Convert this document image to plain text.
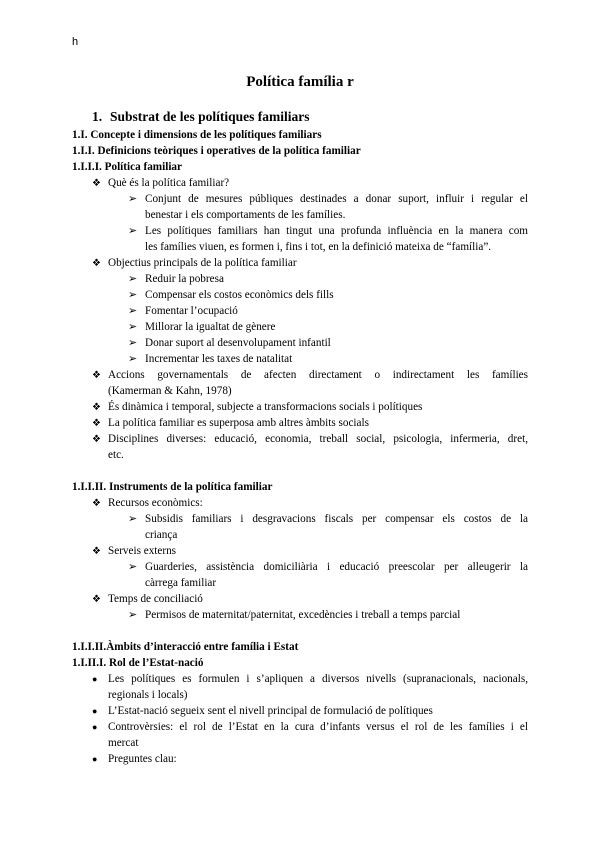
h
Política família r
1. Substrat de les polítiques familiars
1.I. Concepte i dimensions de les polítiques familiars
1.I.I. Definicions teòriques i operatives de la política familiar
1.I.I.I. Política familiar
❖ Què és la política familiar?
➢ Conjunt de mesures públiques destinades a donar suport, influir i regular el
benestar i els comportaments de les famílies.
➢ Les polítiques familiars han tingut una profunda influència en la manera com
les famílies viuen, es formen i, fins i tot, en la definició mateixa de “família”.
❖ Objectius principals de la política familiar
➢ Reduir la pobresa
➢ Compensar els costos econòmics dels fills
➢ Fomentar l’ocupació
➢ Millorar la igualtat de gènere
➢ Donar suport al desenvolupament infantil
➢ Incrementar les taxes de natalitat
❖ Accions governamentals de afecten directament o indirectament les famílies
(Kamerman & Kahn, 1978)
❖ És dinàmica i temporal, subjecte a transformacions socials i polítiques
❖ La política familiar es superposa amb altres àmbits socials
❖ Disciplines diverses: educació, economia, treball social, psicologia, infermeria, dret,
etc.
1.I.I.II. Instruments de la política familiar
❖ Recursos econòmics:
➢ Subsidis familiars i desgravacions fiscals per compensar els costos de la
criança
❖ Serveis externs
➢ Guarderies, assistència domiciliària i educació preescolar per alleugerir la
càrrega familiar
❖ Temps de conciliació
➢ Permisos de maternitat/paternitat, excedències i treball a temps parcial
1.I.I.II.Àmbits d’interacció entre família i Estat
1.I.II.I. Rol de l’Estat-nació
● Les polítiques es formulen i s’apliquen a diversos nivells (supranacionals, nacionals,
regionals i locals)
● L’Estat-nació segueix sent el nivell principal de formulació de polítiques
● Controvèrsies: el rol de l’Estat en la cura d’infants versus el rol de les famílies i el
mercat
● Preguntes clau:
